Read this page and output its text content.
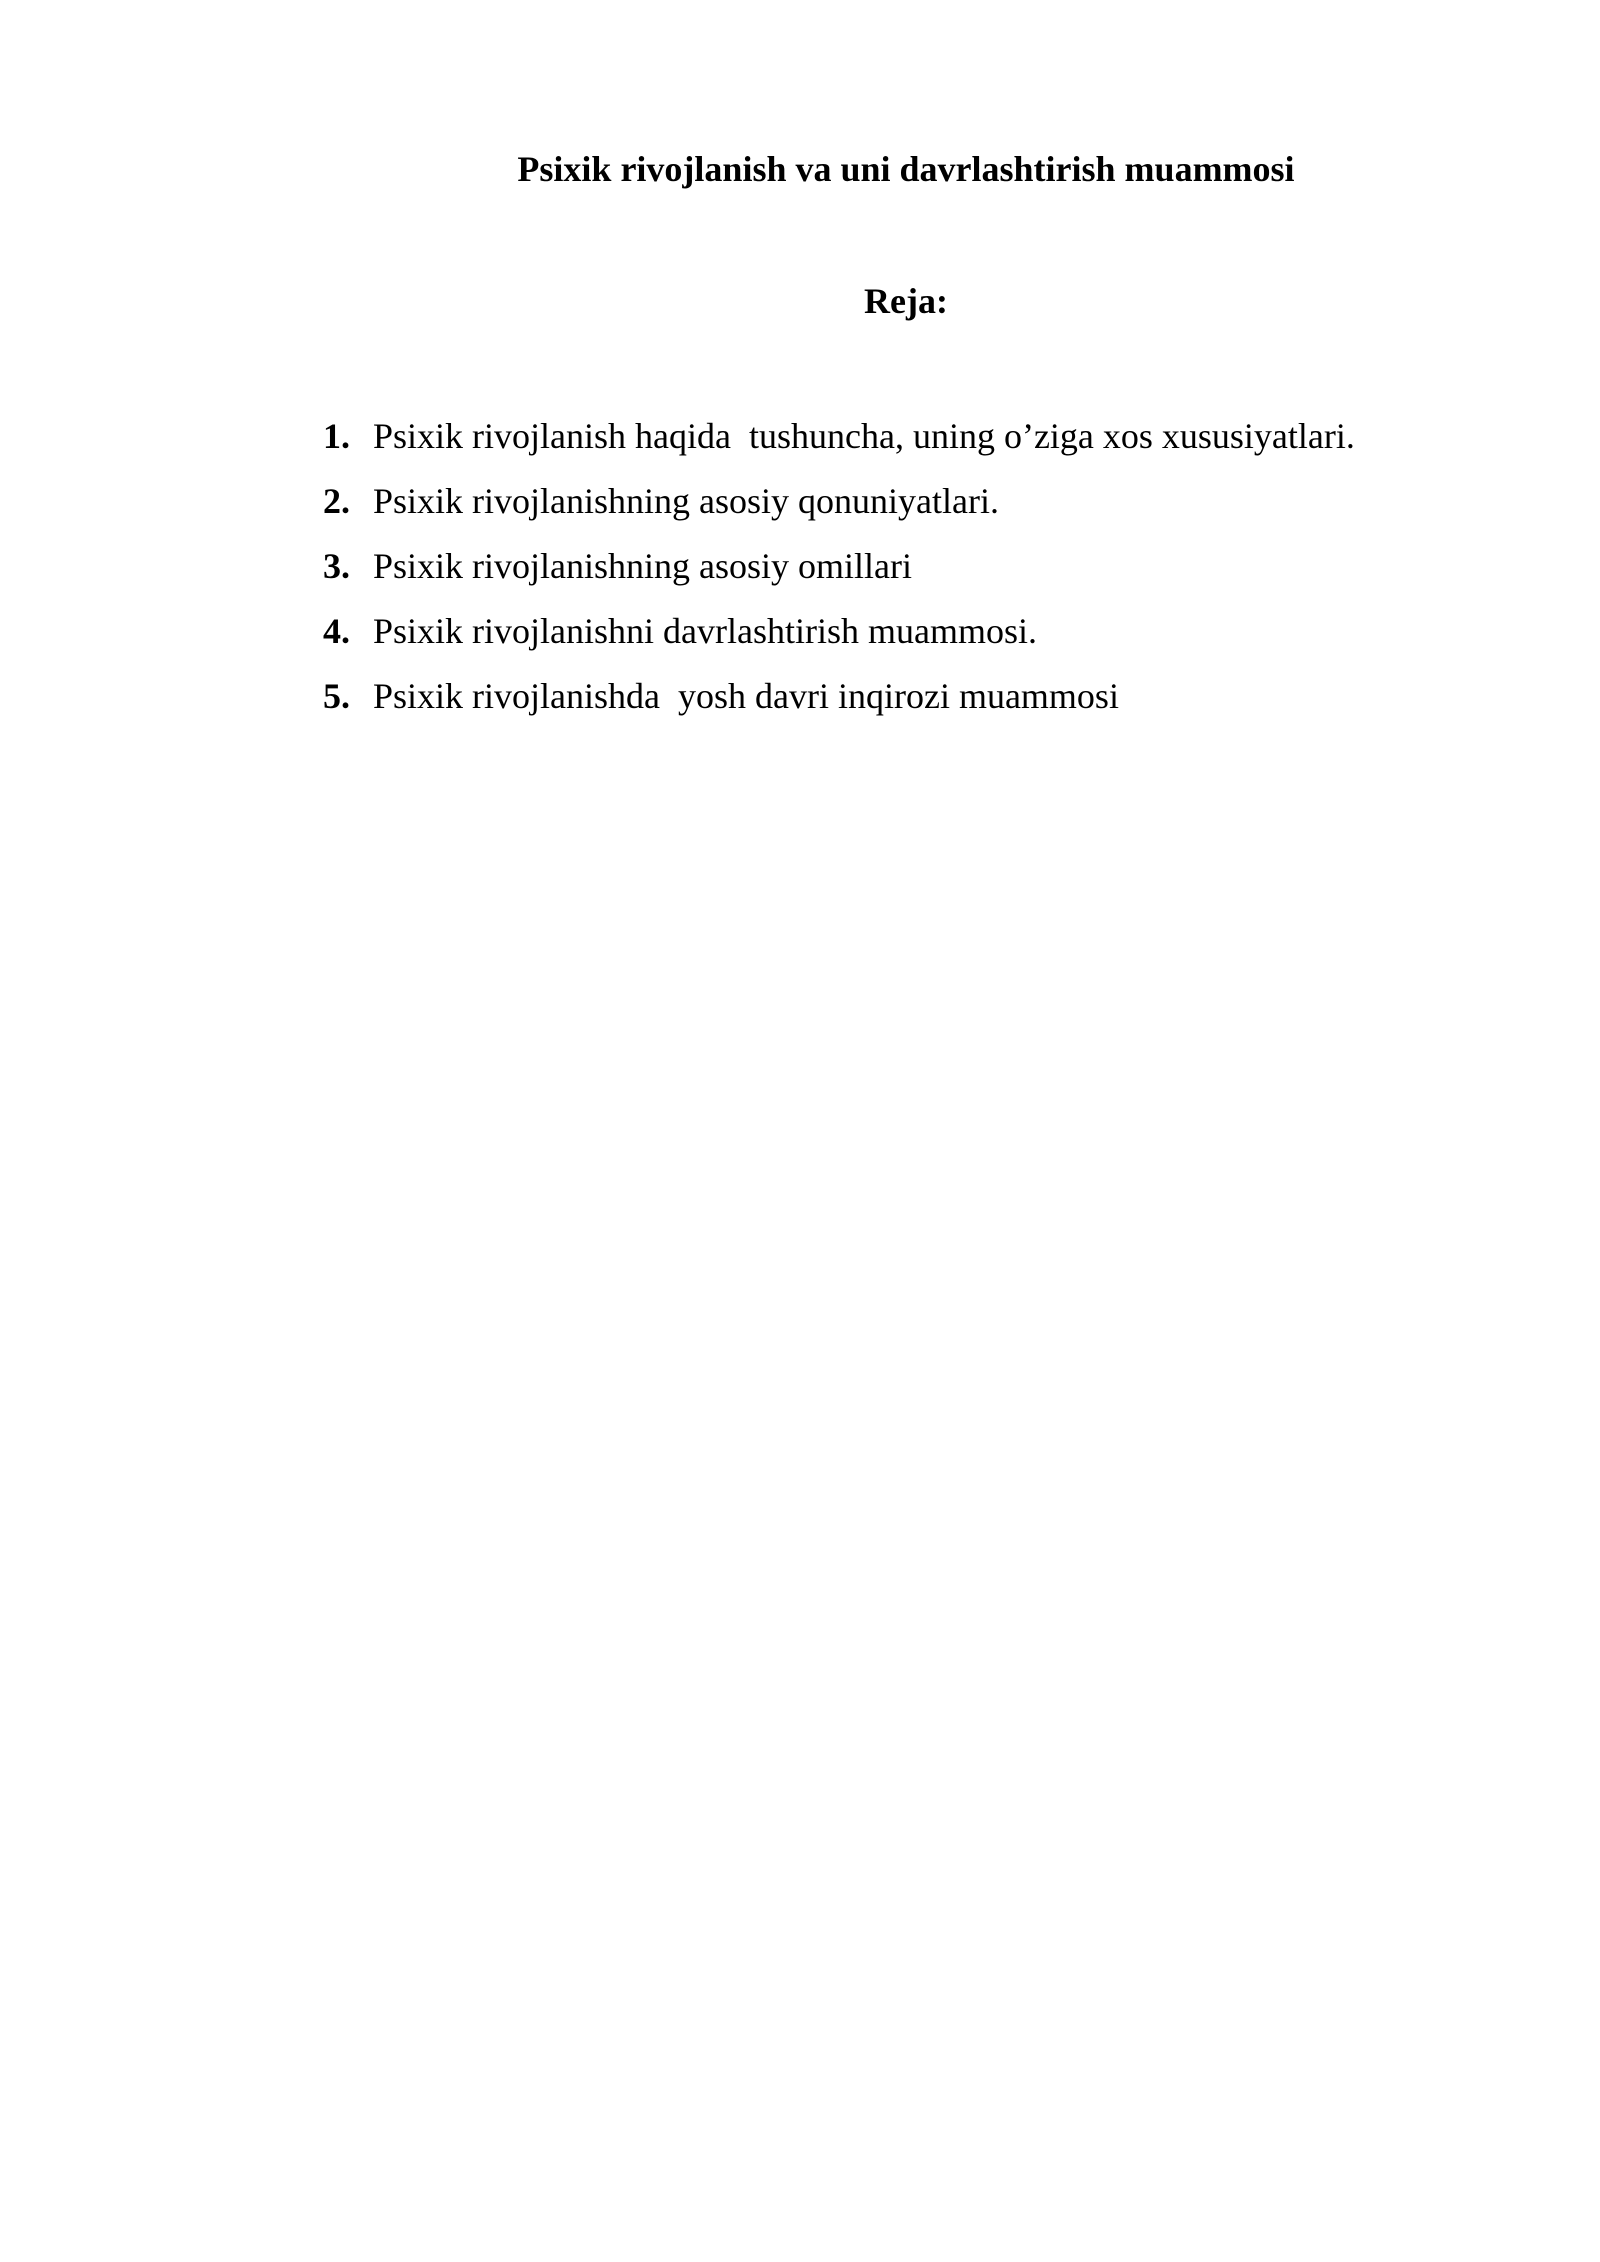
Psixik rivojlanish va uni davrlashtirish muammosi
Reja:
1. Psixik rivojlanish haqida  tushuncha, uning o’ziga xos xususiyatlari.
2. Psixik rivojlanishning asosiy qonuniyatlari.
3. Psixik rivojlanishning asosiy omillari
4. Psixik rivojlanishni davrlashtirish muammosi.
5. Psixik rivojlanishda  yosh davri inqirozi muammosi
